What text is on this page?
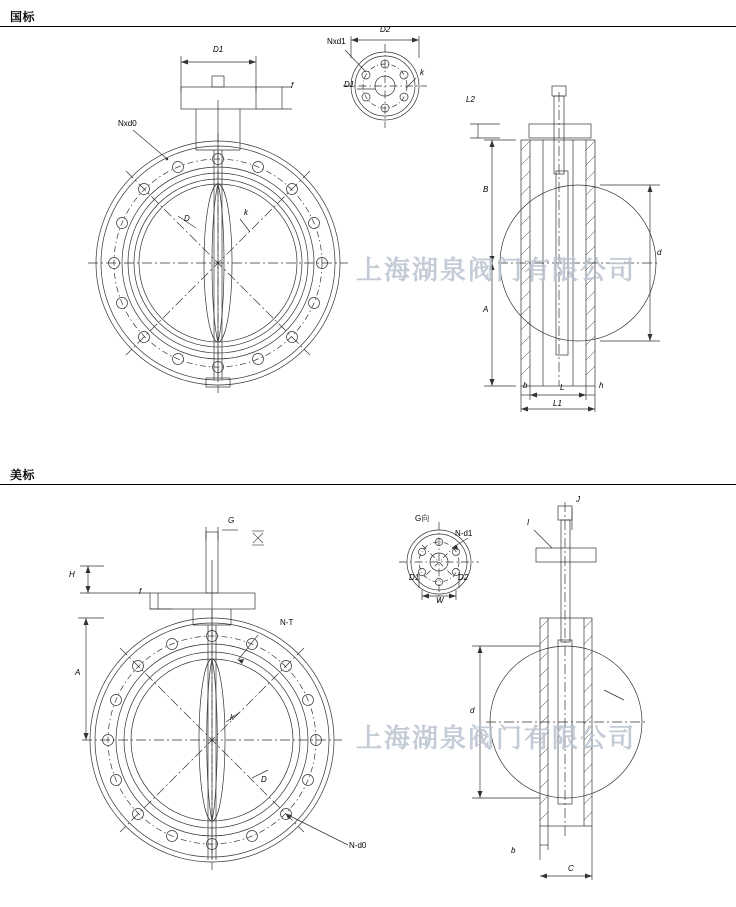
国标
美标
D1
Nxd0
D
k
f
Nxd1
D2
k
D1
L2
B
A
d
b	L	h
L1
G
H
f
A
N-T
k
D
N-d0
G向
N-d1
D1	D2
W
J
I
d
b
C
上海湖泉阀门有限公司
上海湖泉阀门有限公司
